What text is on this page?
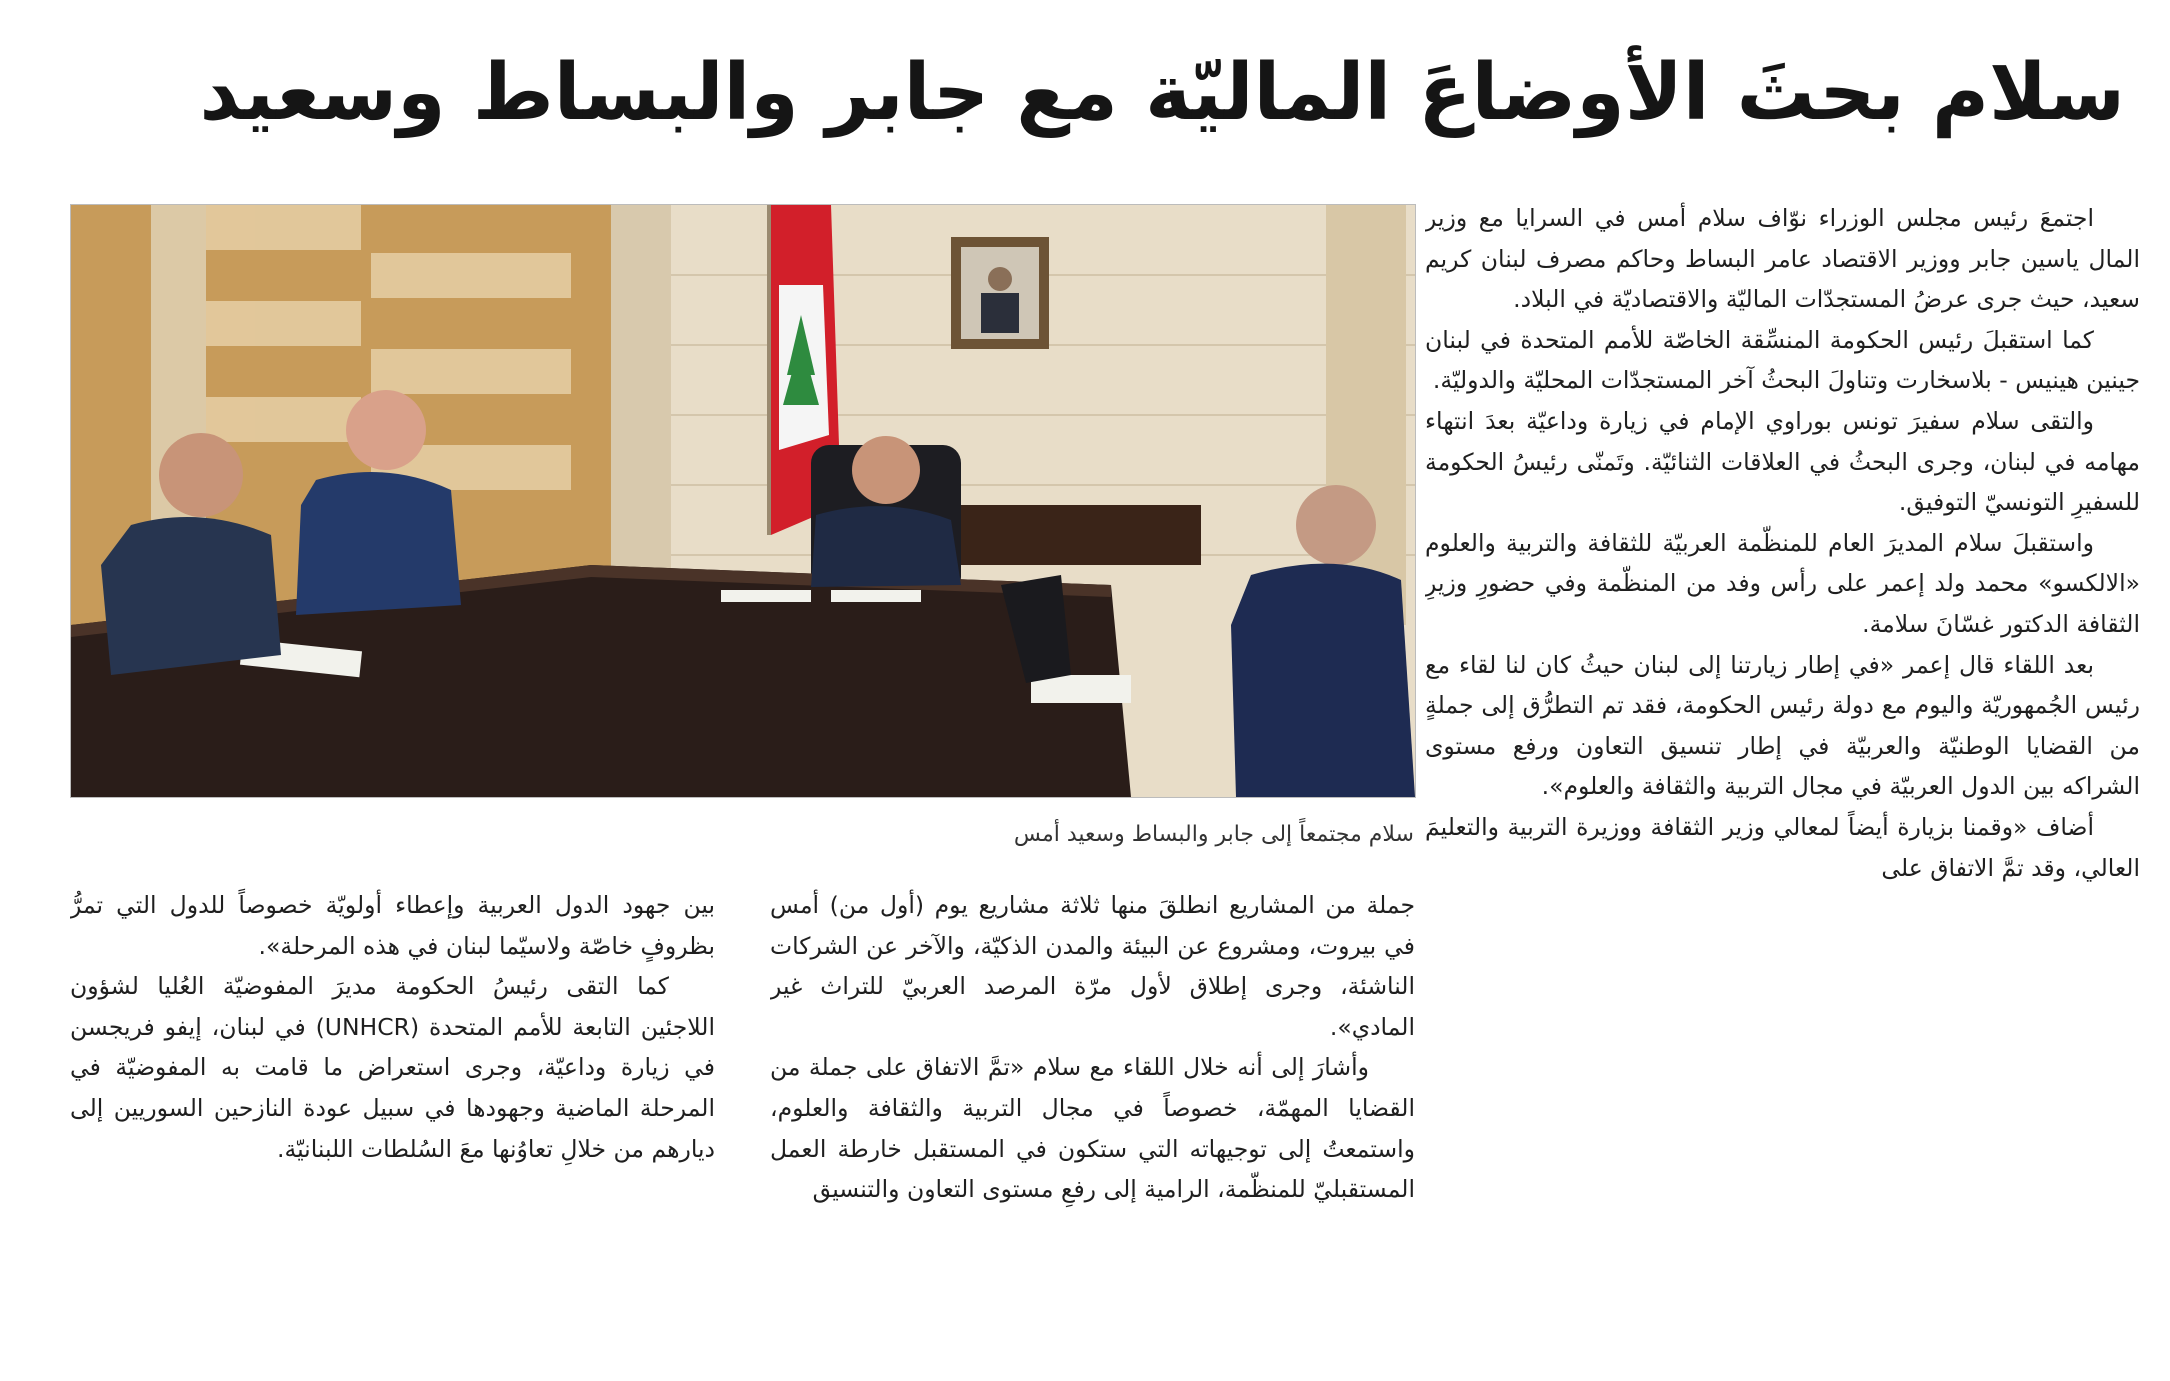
سلام بحثَ الأوضاعَ الماليّة مع جابر والبساط وسعيد
سلام مجتمعاً إلى جابر والبساط وسعيد أمس

اجتمعَ رئيس مجلس الوزراء نوّاف سلام أمس في السرايا مع وزير المال ياسين جابر ووزير الاقتصاد عامر البساط وحاكم مصرف لبنان كريم سعيد، حيث جرى عرضُ المستجدّات الماليّة والاقتصاديّة في البلاد.

كما استقبلَ رئيس الحكومة المنسِّقة الخاصّة للأمم المتحدة في لبنان جينين هينيس - بلاسخارت وتناولَ البحثُ آخر المستجدّات المحليّة والدوليّة.

والتقى سلام سفيرَ تونس بوراوي الإمام في زيارة وداعيّة بعدَ انتهاء مهامه في لبنان، وجرى البحثُ في العلاقات الثنائيّة. وتَمنّى رئيسُ الحكومة للسفيرِ التونسيّ التوفيق.

واستقبلَ سلام المديرَ العام للمنظّمة العربيّة للثقافة والتربية والعلوم «الالكسو» محمد ولد إعمر على رأس وفد من المنظّمة وفي حضورِ وزيرِ الثقافة الدكتور غسّانَ سلامة.

بعد اللقاء قال إعمر «في إطار زيارتنا إلى لبنان حيثُ كان لنا لقاء مع رئيس الجُمهوريّة واليوم مع دولة رئيس الحكومة، فقد تم التطرُّق إلى جملةٍ من القضايا الوطنيّة والعربيّة في إطار تنسيق التعاون ورفع مستوى الشراكه بين الدول العربيّة في مجال التربية والثقافة والعلوم».

أضاف «وقمنا بزيارة أيضاً لمعالي وزير الثقافة ووزيرة التربية والتعليمَ العالي، وقد تمَّ الاتفاق على

جملة من المشاريع انطلقَ منها ثلاثة مشاريع يوم (أول من) أمس في بيروت، ومشروع عن البيئة والمدن الذكيّة، والآخر عن الشركات الناشئة، وجرى إطلاق لأول مرّة المرصد العربيّ للتراث غير المادي».

وأشارَ إلى أنه خلال اللقاء مع سلام «تمَّ الاتفاق على جملة من القضايا المهمّة، خصوصاً في مجال التربية والثقافة والعلوم، واستمعتُ إلى توجيهاته التي ستكون في المستقبل خارطة العمل المستقبليّ للمنظّمة، الرامية إلى رفعِ مستوى التعاون والتنسيق

بين جهود الدول العربية وإعطاء أولويّة خصوصاً للدول التي تمرُّ بظروفٍ خاصّة ولاسيّما لبنان في هذه المرحلة».

كما التقى رئيسُ الحكومة مديرَ المفوضيّة العُليا لشؤون اللاجئين التابعة للأمم المتحدة (UNHCR) في لبنان، إيفو فريجسن في زيارة وداعيّة، وجرى استعراض ما قامت به المفوضيّة في المرحلة الماضية وجهودها في سبيل عودة النازحين السوريين إلى ديارهم من خلالِ تعاوُنها معَ السُلطات اللبنانيّة.
